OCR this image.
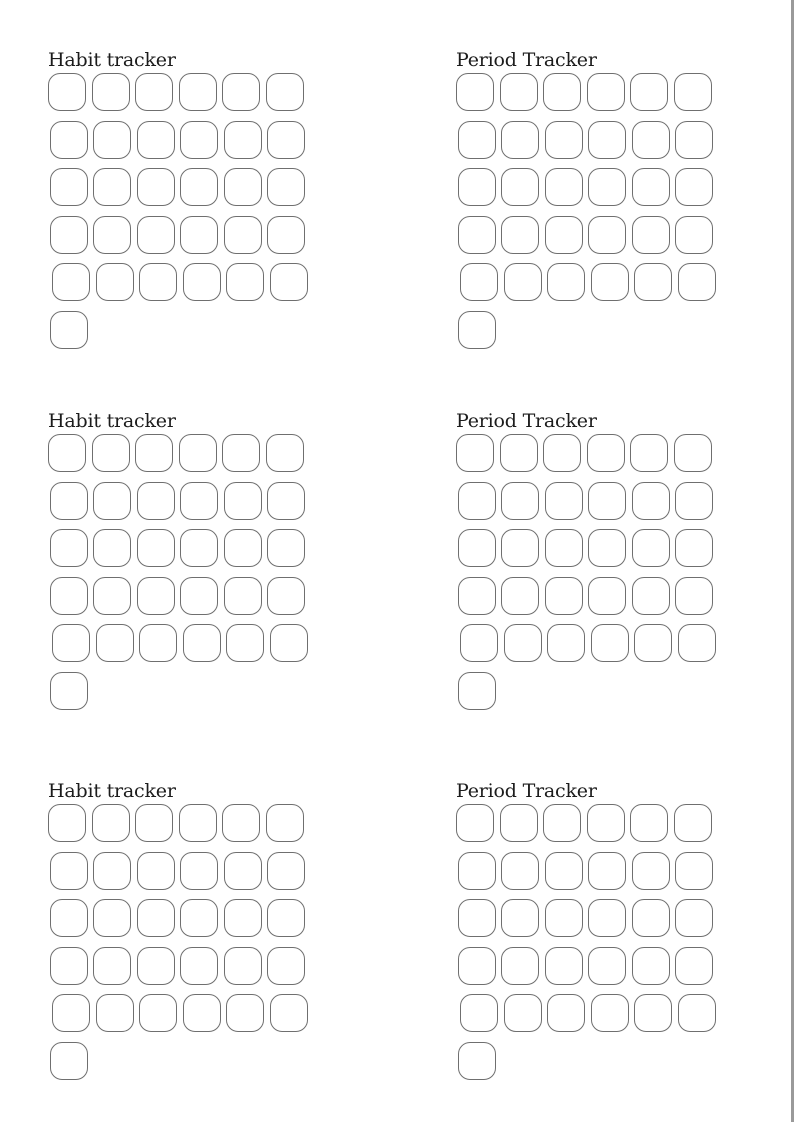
Habit tracker	Period Tracker
Habit tracker	Period Tracker
Habit tracker	Period Tracker
